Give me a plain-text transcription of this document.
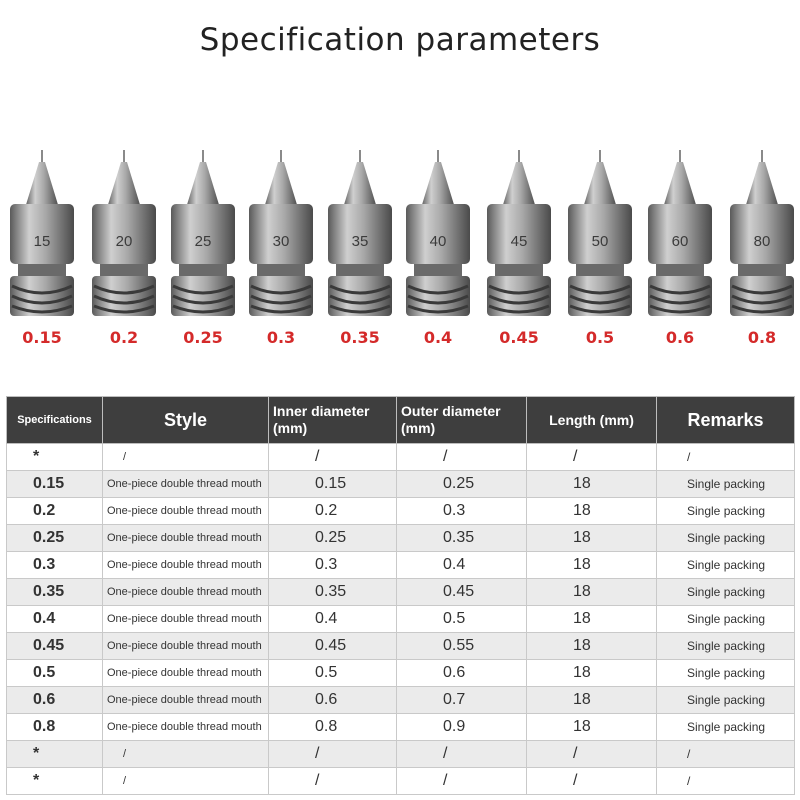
Specification parameters
15
0.15
20
0.2
25
0.25
30
0.3
35
0.35
40
0.4
45
0.45
50
0.5
60
0.6
80
0.8
Specifications	Style	Inner diameter (mm)	Outer diameter (mm)	Length (mm)	Remarks
*	/	/	/	/	/
0.15	One-piece double thread mouth	0.15	0.25	18	Single packing
0.2	One-piece double thread mouth	0.2	0.3	18	Single packing
0.25	One-piece double thread mouth	0.25	0.35	18	Single packing
0.3	One-piece double thread mouth	0.3	0.4	18	Single packing
0.35	One-piece double thread mouth	0.35	0.45	18	Single packing
0.4	One-piece double thread mouth	0.4	0.5	18	Single packing
0.45	One-piece double thread mouth	0.45	0.55	18	Single packing
0.5	One-piece double thread mouth	0.5	0.6	18	Single packing
0.6	One-piece double thread mouth	0.6	0.7	18	Single packing
0.8	One-piece double thread mouth	0.8	0.9	18	Single packing
*	/	/	/	/	/
*	/	/	/	/	/
